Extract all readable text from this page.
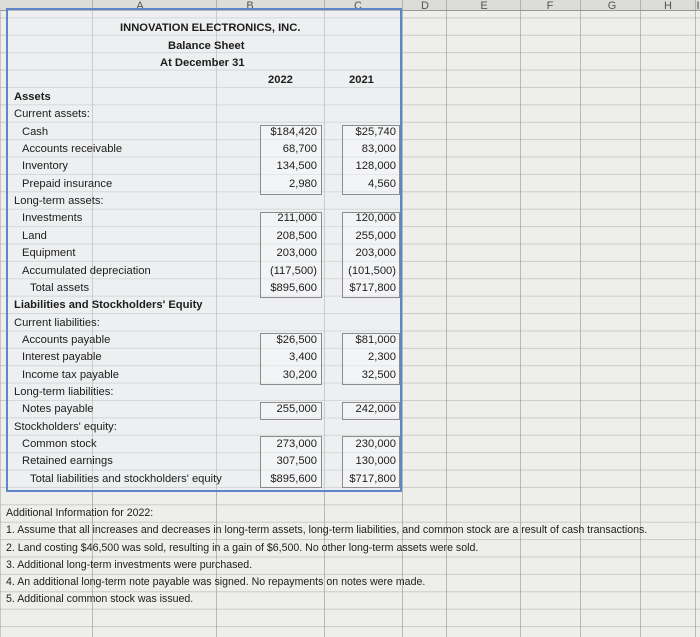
A	B	C	D	E	F	G	H	I
INNOVATION ELECTRONICS, INC.
Balance Sheet
At December 31
2022	2021
Assets
Current assets:
Cash	$184,420	$25,740
Accounts receivable	68,700	83,000
Inventory	134,500	128,000
Prepaid insurance	2,980	4,560
Long-term assets:
Investments	211,000	120,000
Land	208,500	255,000
Equipment	203,000	203,000
Accumulated depreciation	(117,500)	(101,500)
Total assets	$895,600	$717,800
Liabilities and Stockholders' Equity
Current liabilities:
Accounts payable	$26,500	$81,000
Interest payable	3,400	2,300
Income tax payable	30,200	32,500
Long-term liabilities:
Notes payable	255,000	242,000
Stockholders' equity:
Common stock	273,000	230,000
Retained earnings	307,500	130,000
Total liabilities and stockholders' equity	$895,600	$717,800
Additional Information for 2022:
1. Assume that all increases and decreases in long-term assets, long-term liabilities, and common stock are a result of cash transactions.
2. Land costing $46,500 was sold, resulting in a gain of $6,500. No other long-term assets were sold.
3. Additional long-term investments were purchased.
4. An additional long-term note payable was signed. No repayments on notes were made.
5. Additional common stock was issued.
